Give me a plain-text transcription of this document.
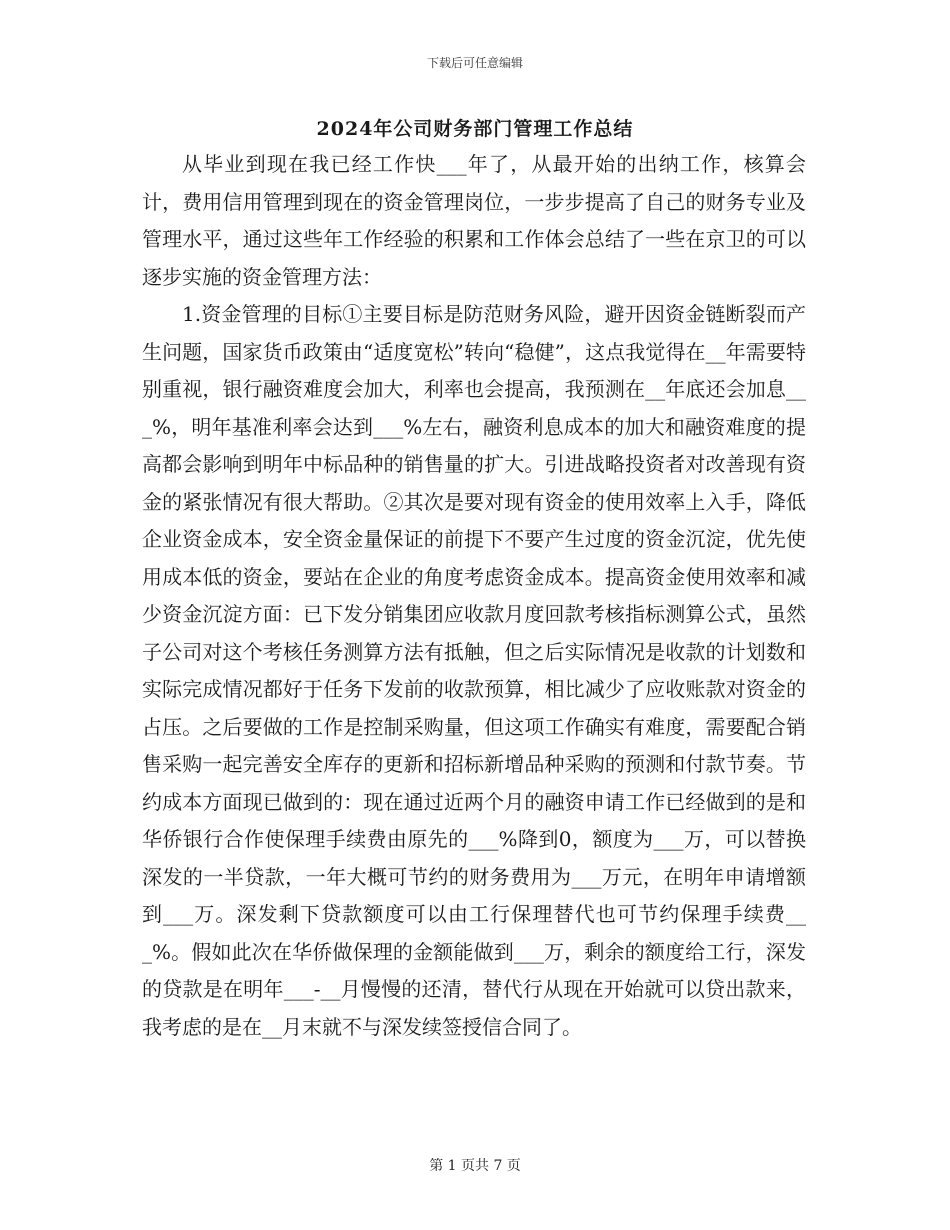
下载后可任意编辑
2024年公司财务部门管理工作总结

从毕业到现在我已经工作快___年了，从最开始的出纳工作，核算会计，费用信用管理到现在的资金管理岗位，一步步提高了自己的财务专业及管理水平，通过这些年工作经验的积累和工作体会总结了一些在京卫的可以逐步实施的资金管理方法：

1.资金管理的目标①主要目标是防范财务风险，避开因资金链断裂而产生问题，国家货币政策由“适度宽松”转向“稳健”，这点我觉得在__年需要特别重视，银行融资难度会加大，利率也会提高，我预测在__年底还会加息___%，明年基准利率会达到___%左右，融资利息成本的加大和融资难度的提高都会影响到明年中标品种的销售量的扩大。引进战略投资者对改善现有资金的紧张情况有很大帮助。②其次是要对现有资金的使用效率上入手，降低企业资金成本，安全资金量保证的前提下不要产生过度的资金沉淀，优先使用成本低的资金，要站在企业的角度考虑资金成本。提高资金使用效率和减少资金沉淀方面：已下发分销集团应收款月度回款考核指标测算公式，虽然子公司对这个考核任务测算方法有抵触，但之后实际情况是收款的计划数和实际完成情况都好于任务下发前的收款预算，相比减少了应收账款对资金的占压。之后要做的工作是控制采购量，但这项工作确实有难度，需要配合销售采购一起完善安全库存的更新和招标新增品种采购的预测和付款节奏。节约成本方面现已做到的：现在通过近两个月的融资申请工作已经做到的是和华侨银行合作使保理手续费由原先的___%降到0，额度为___万，可以替换深发的一半贷款，一年大概可节约的财务费用为___万元，在明年申请增额到___万。深发剩下贷款额度可以由工行保理替代也可节约保理手续费___%。假如此次在华侨做保理的金额能做到___万，剩余的额度给工行，深发的贷款是在明年___-__月慢慢的还清，替代行从现在开始就可以贷出款来，我考虑的是在__月末就不与深发续签授信合同了。

第 1 页共 7 页
